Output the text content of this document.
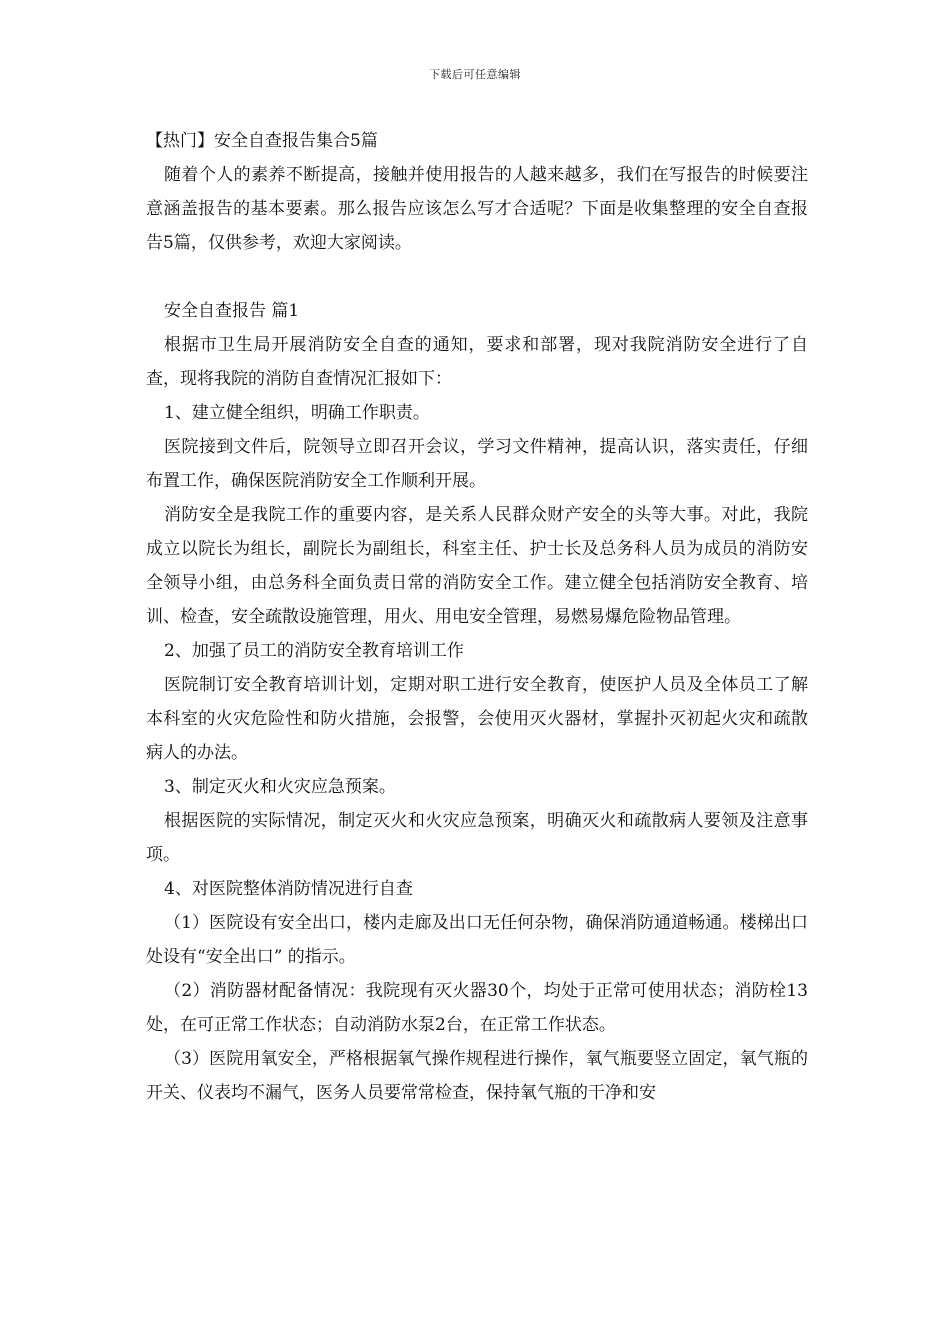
下载后可任意编辑

【热门】安全自查报告集合5篇

随着个人的素养不断提高，接触并使用报告的人越来越多，我们在写报告的时候要注意涵盖报告的基本要素。那么报告应该怎么写才合适呢？下面是收集整理的安全自查报告5篇，仅供参考，欢迎大家阅读。

安全自查报告 篇1

根据市卫生局开展消防安全自查的通知，要求和部署，现对我院消防安全进行了自查，现将我院的消防自查情况汇报如下：

1、建立健全组织，明确工作职责。

医院接到文件后，院领导立即召开会议，学习文件精神，提高认识，落实责任，仔细布置工作，确保医院消防安全工作顺利开展。

消防安全是我院工作的重要内容，是关系人民群众财产安全的头等大事。对此，我院成立以院长为组长，副院长为副组长，科室主任、护士长及总务科人员为成员的消防安全领导小组，由总务科全面负责日常的消防安全工作。建立健全包括消防安全教育、培训、检查，安全疏散设施管理，用火、用电安全管理，易燃易爆危险物品管理。

2、加强了员工的消防安全教育培训工作

医院制订安全教育培训计划，定期对职工进行安全教育，使医护人员及全体员工了解本科室的火灾危险性和防火措施，会报警，会使用灭火器材，掌握扑灭初起火灾和疏散病人的办法。

3、制定灭火和火灾应急预案。

根据医院的实际情况，制定灭火和火灾应急预案，明确灭火和疏散病人要领及注意事项。

4、对医院整体消防情况进行自查

（1）医院设有安全出口，楼内走廊及出口无任何杂物，确保消防通道畅通。楼梯出口处设有“安全出口” 的指示。

（2）消防器材配备情况：我院现有灭火器30个，均处于正常可使用状态；消防栓13处，在可正常工作状态；自动消防水泵2台，在正常工作状态。

（3）医院用氧安全，严格根据氧气操作规程进行操作，氧气瓶要竖立固定，氧气瓶的开关、仪表均不漏气，医务人员要常常检查，保持氧气瓶的干净和安
